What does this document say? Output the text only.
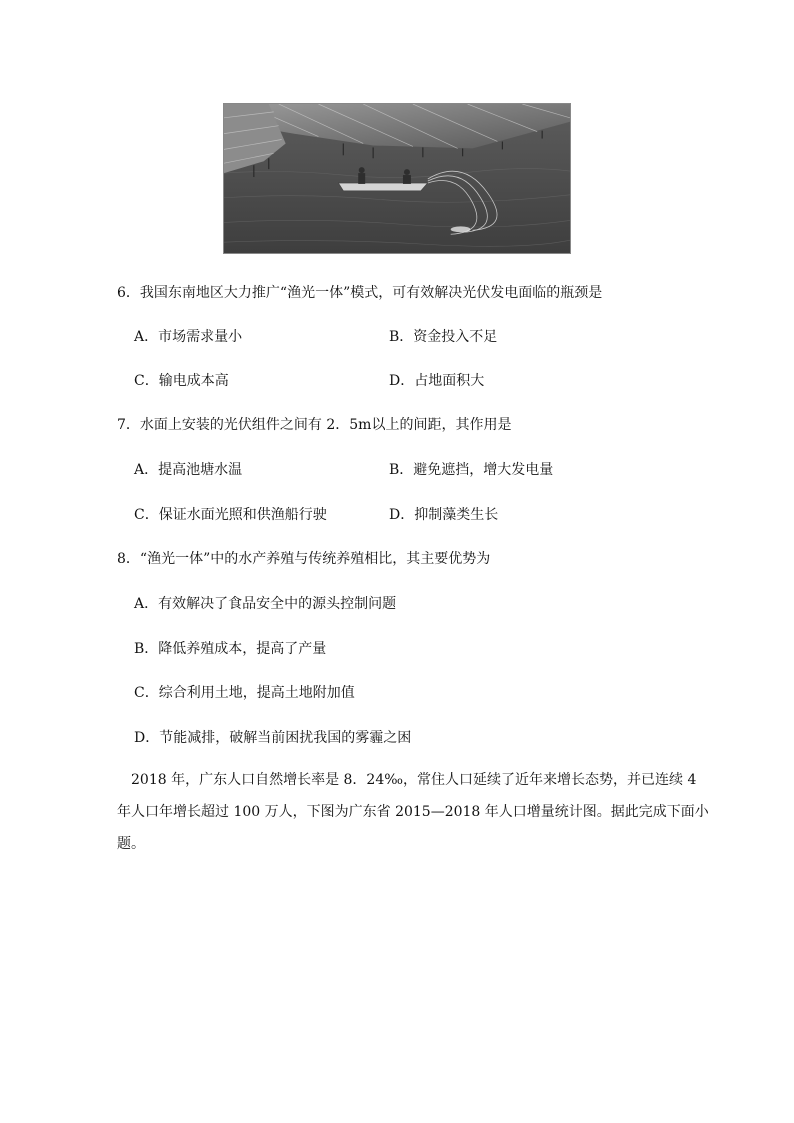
6．我国东南地区大力推广“渔光一体”模式，可有效解决光伏发电面临的瓶颈是
A．市场需求量小	B．资金投入不足
C．输电成本高	D．占地面积大
7．水面上安装的光伏组件之间有 2．5m以上的间距，其作用是
A．提高池塘水温	B．避免遮挡，增大发电量
C．保证水面光照和供渔船行驶	D．抑制藻类生长
8．“渔光一体”中的水产养殖与传统养殖相比，其主要优势为
A．有效解决了食品安全中的源头控制问题
B．降低养殖成本，提高了产量
C．综合利用土地，提高土地附加值
D．节能减排，破解当前困扰我国的雾霾之困
2018 年，广东人口自然增长率是 8．24‰，常住人口延续了近年来增长态势，并已连续 4
年人口年增长超过 100 万人，下图为广东省 2015—2018 年人口增量统计图。据此完成下面小
题。
